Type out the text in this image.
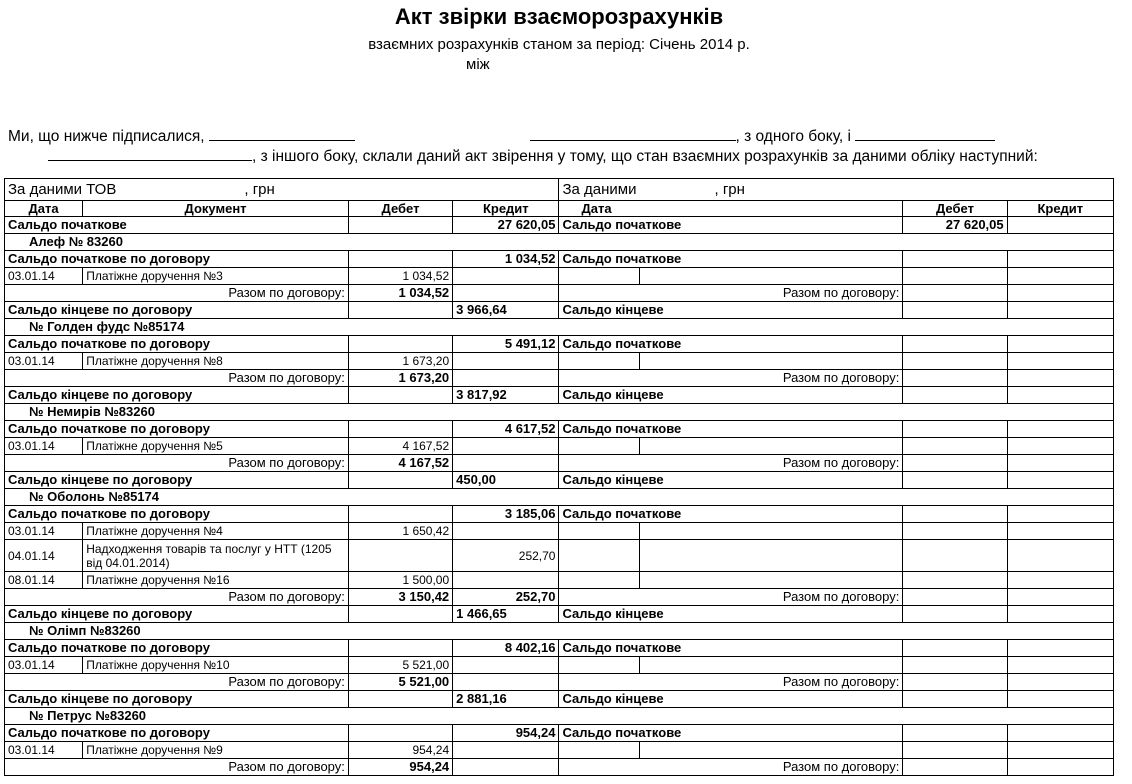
Акт звірки взаєморозрахунків
взаємних розрахунків станом за період: Січень 2014 р.
між
Ми, що нижче підписалися,	, з одного боку, і
, з іншого боку, склали даний акт звірення у тому, що стан взаємних розрахунків за даними обліку наступний:
За даними ТОВ , грн				За даними , грн			
Дата	Документ	Дебет	Кредит	Дата		Дебет	Кредит
Сальдо початкове			27 620,05	Сальдо початкове		27 620,05	
Алеф № 83260							
Сальдо початкове по договору			1 034,52	Сальдо початкове			
03.01.14	Платіжне доручення №3	1 034,52					
Разом по договору:		1 034,52		Разом по договору:			
Сальдо кінцеве по договору			3 966,64	Сальдо кінцеве			
№ Голден фудс №85174							
Сальдо початкове по договору			5 491,12	Сальдо початкове			
03.01.14	Платіжне доручення №8	1 673,20					
Разом по договору:		1 673,20		Разом по договору:			
Сальдо кінцеве по договору			3 817,92	Сальдо кінцеве			
№ Немирів №83260							
Сальдо початкове по договору			4 617,52	Сальдо початкове			
03.01.14	Платіжне доручення №5	4 167,52					
Разом по договору:		4 167,52		Разом по договору:			
Сальдо кінцеве по договору			450,00	Сальдо кінцеве			
№ Оболонь №85174							
Сальдо початкове по договору			3 185,06	Сальдо початкове			
03.01.14	Платіжне доручення №4	1 650,42					
04.01.14	Надходження товарів та послуг у НТТ (1205 від 04.01.2014)		252,70				
08.01.14	Платіжне доручення №16	1 500,00					
Разом по договору:		3 150,42	252,70	Разом по договору:			
Сальдо кінцеве по договору			1 466,65	Сальдо кінцеве			
№ Олімп №83260							
Сальдо початкове по договору			8 402,16	Сальдо початкове			
03.01.14	Платіжне доручення №10	5 521,00					
Разом по договору:		5 521,00		Разом по договору:			
Сальдо кінцеве по договору			2 881,16	Сальдо кінцеве			
№ Петрус №83260							
Сальдо початкове по договору			954,24	Сальдо початкове			
03.01.14	Платіжне доручення №9	954,24					
Разом по договору:		954,24		Разом по договору:			
